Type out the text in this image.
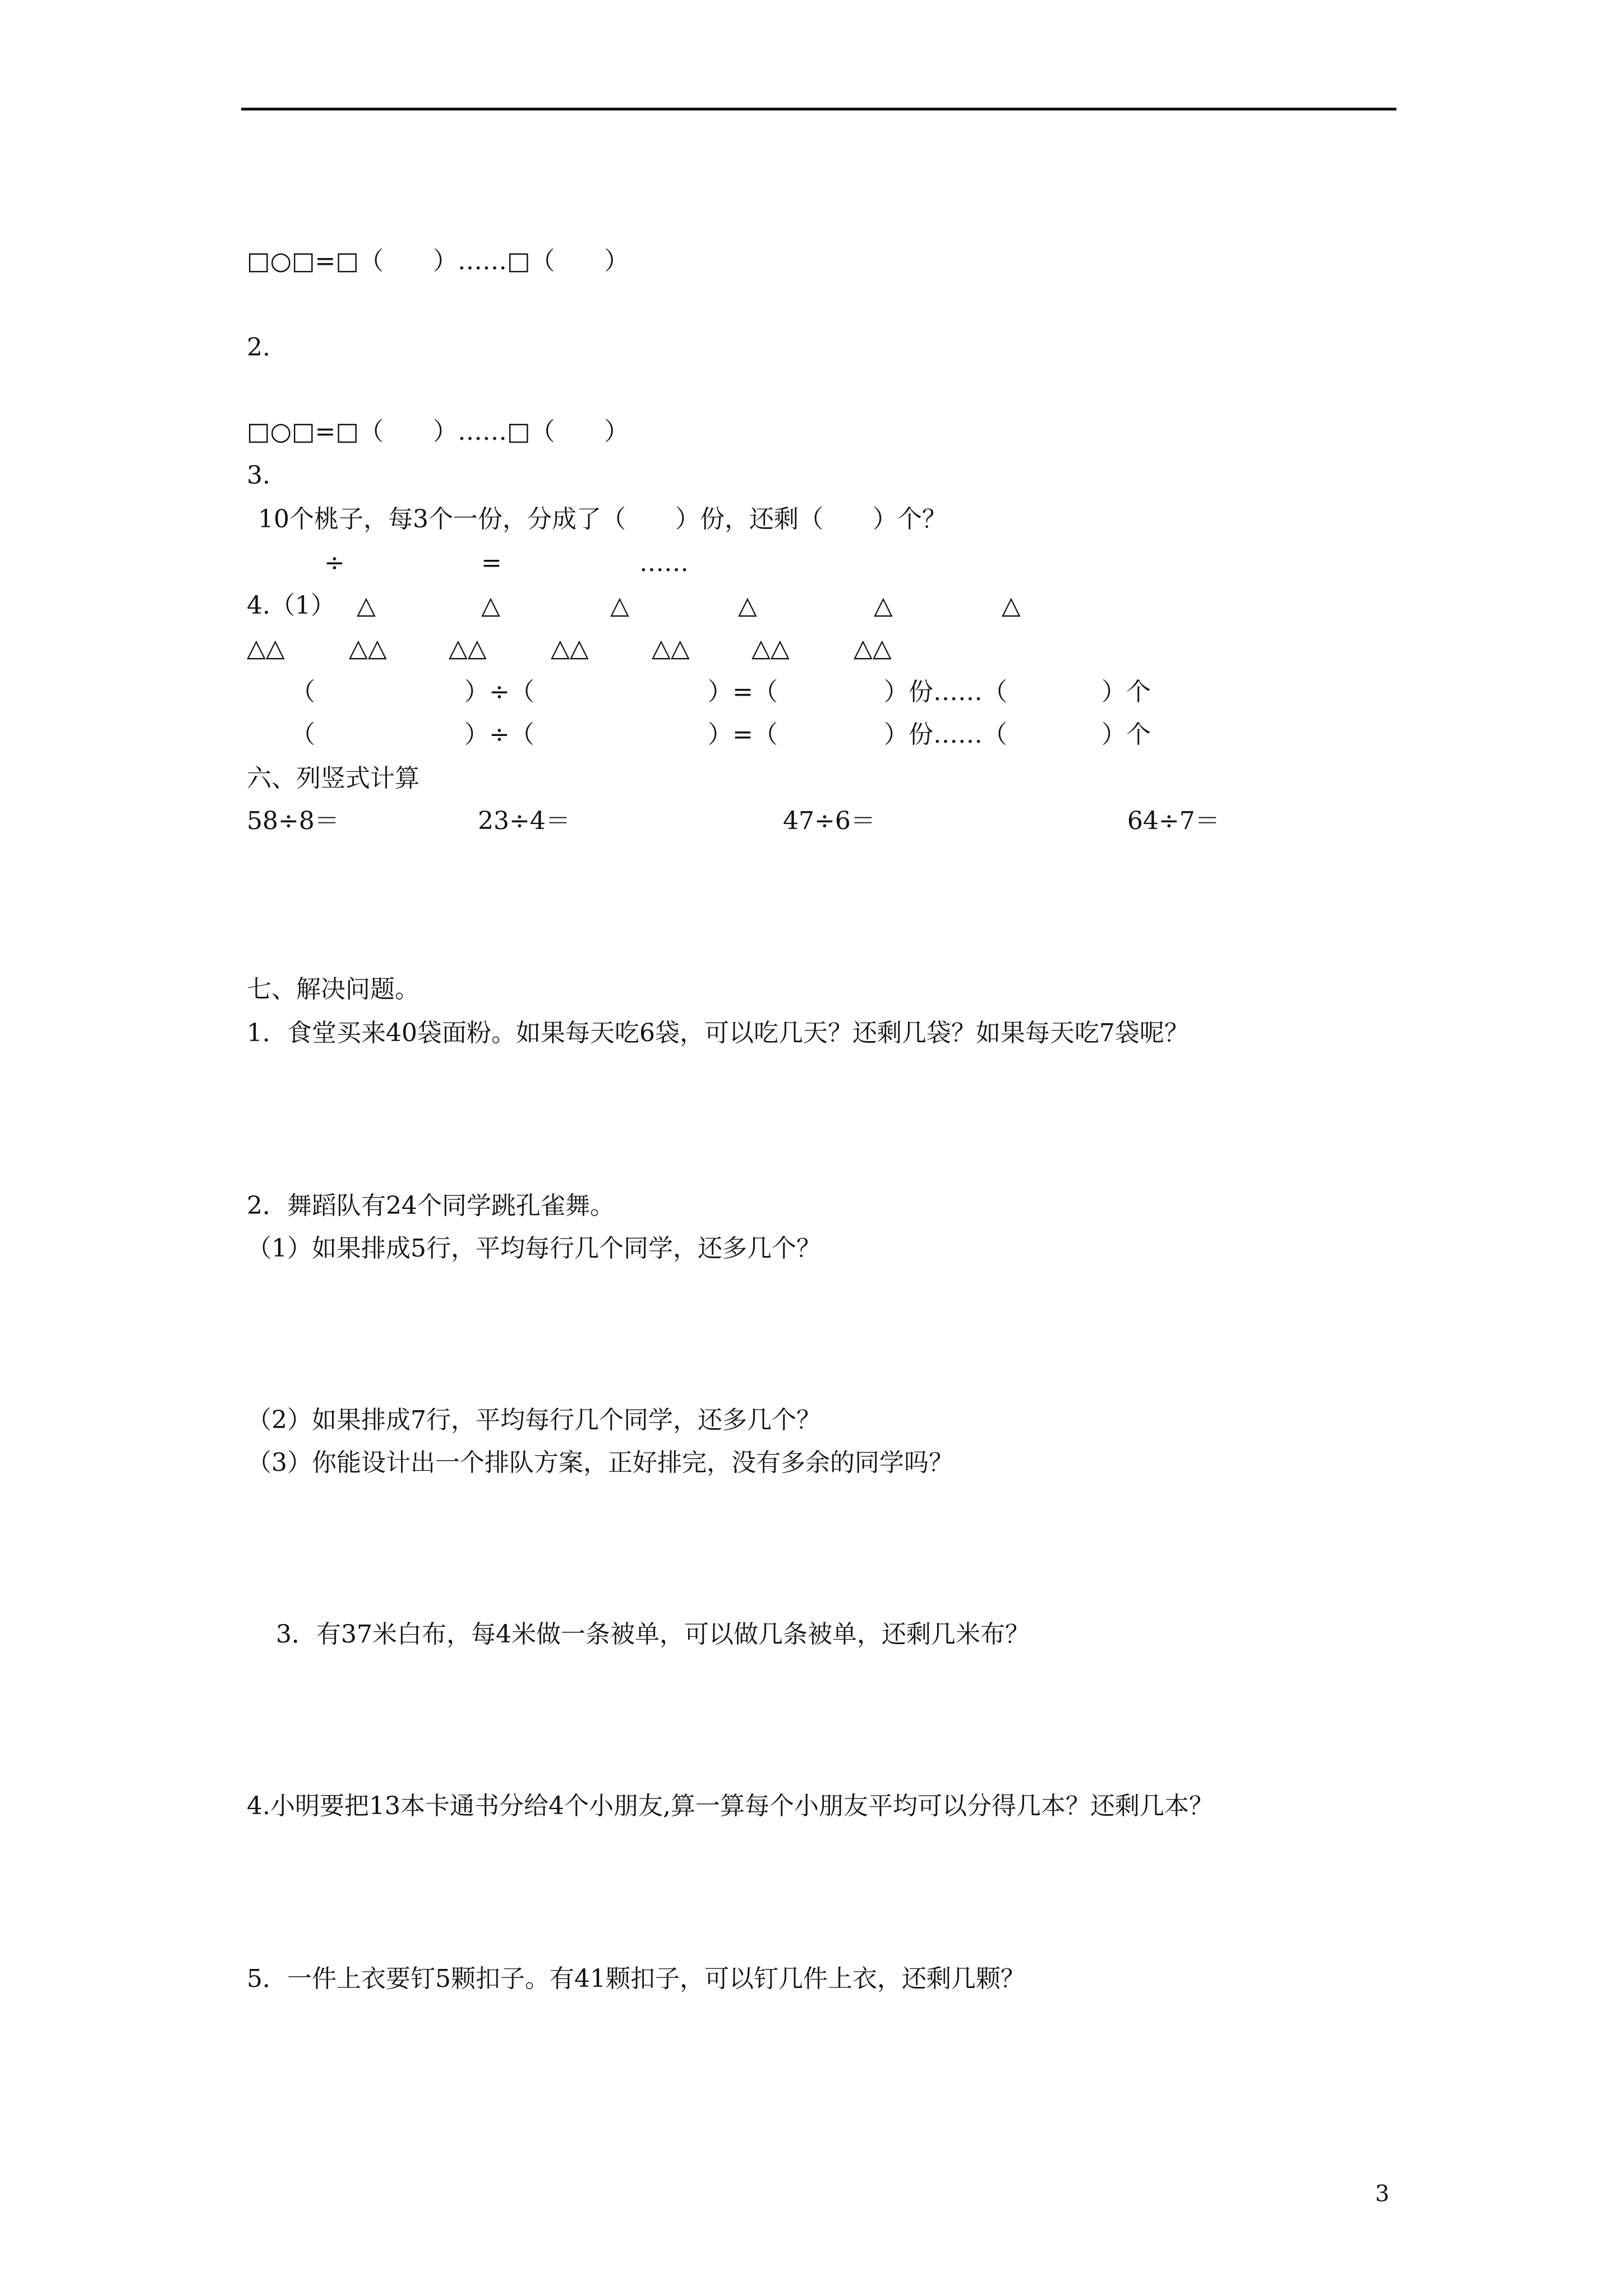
□○□=□（　　）……□（　　）
2.
□○□=□（　　）……□（　　）
3.
10个桃子，每3个一份，分成了（　　）份，还剩（　　）个？
÷	=	……
4.（1） △	△	△	△	△	△
△△	△△	△△	△△	△△	△△	△△
（	）÷（	）=（	）份……（	）个
（	）÷（	）=（	）份……（	）个
六、列竖式计算
58÷8＝	23÷4＝	47÷6＝	64÷7＝
七、解决问题。
1．食堂买来40袋面粉。如果每天吃6袋，可以吃几天？还剩几袋？如果每天吃7袋呢？
2．舞蹈队有24个同学跳孔雀舞。
（1）如果排成5行，平均每行几个同学，还多几个？
（2）如果排成7行，平均每行几个同学，还多几个？
（3）你能设计出一个排队方案，正好排完，没有多余的同学吗？
3．有37米白布，每4米做一条被单，可以做几条被单，还剩几米布？
4.小明要把13本卡通书分给4个小朋友,算一算每个小朋友平均可以分得几本？还剩几本？
5．一件上衣要钉5颗扣子。有41颗扣子，可以钉几件上衣，还剩几颗？
3
